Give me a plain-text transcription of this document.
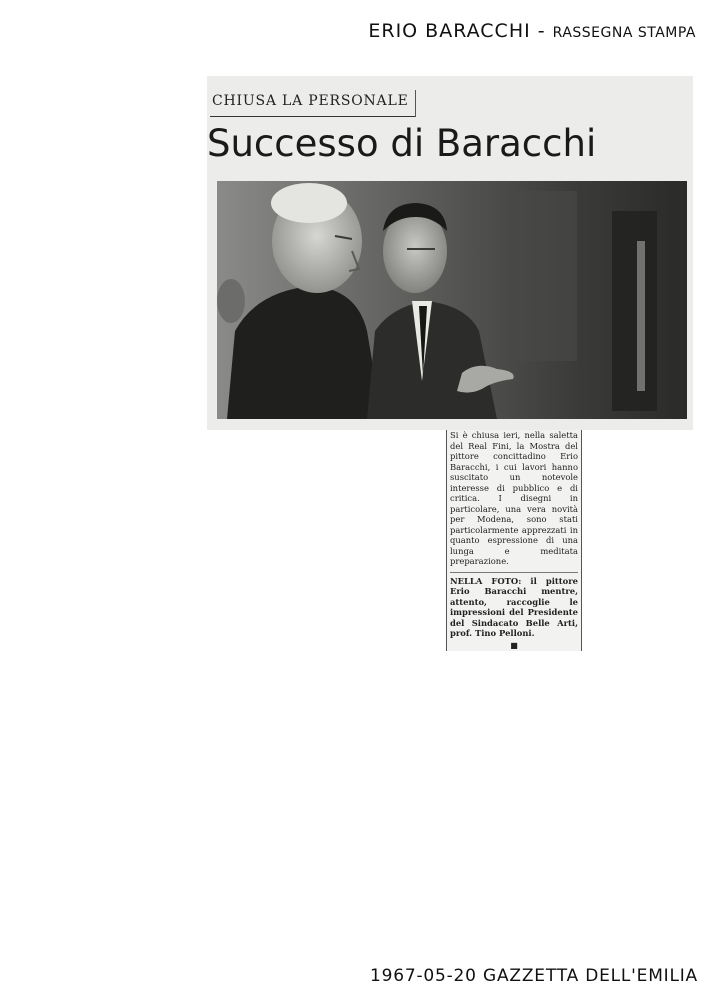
ERIO BARACCHI - RASSEGNA STAMPA
CHIUSA LA PERSONALE
Successo di Baracchi

Si è chiusa ieri, nella saletta del Real Fini, la Mostra del pittore concittadino Erio Baracchi, i cui lavori hanno suscitato un notevole interesse di pubblico e di critica. I disegni in particolare, una vera novità per Modena, sono stati particolarmente apprezzati in quanto espressione di una lunga e meditata preparazione.

NELLA FOTO: il pittore Erio Baracchi mentre, attento, raccoglie le impressioni del Presidente del Sindacato Belle Arti, prof. Tino Pelloni.

■
1967-05-20 GAZZETTA DELL'EMILIA
